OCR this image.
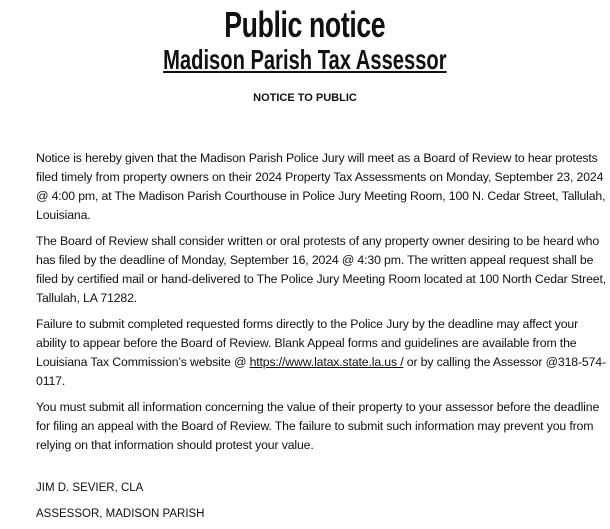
Public notice
Madison Parish Tax Assessor
NOTICE TO PUBLIC

Notice is hereby given that the Madison Parish Police Jury will meet as a Board of Review to hear protests filed timely from property owners on their 2024 Property Tax Assessments on Monday, September 23, 2024 @ 4:00 pm, at The Madison Parish Courthouse in Police Jury Meeting Room, 100 N. Cedar Street, Tallulah, Louisiana.

The Board of Review shall consider written or oral protests of any property owner desiring to be heard who has filed by the deadline of Monday, September 16, 2024 @ 4:30 pm. The written appeal request shall be filed by certified mail or hand-delivered to The Police Jury Meeting Room located at 100 North Cedar Street, Tallulah, LA 71282.

Failure to submit completed requested forms directly to the Police Jury by the deadline may affect your ability to appear before the Board of Review. Blank Appeal forms and guidelines are available from the Louisiana Tax Commission’s website @ https://www.latax.state.la.us / or by calling the Assessor @318-574-0117.

You must submit all information concerning the value of their property to your assessor before the deadline for filing an appeal with the Board of Review. The failure to submit such information may prevent you from relying on that information should protest your value.

JIM D. SEVIER, CLA
ASSESSOR, MADISON PARISH
